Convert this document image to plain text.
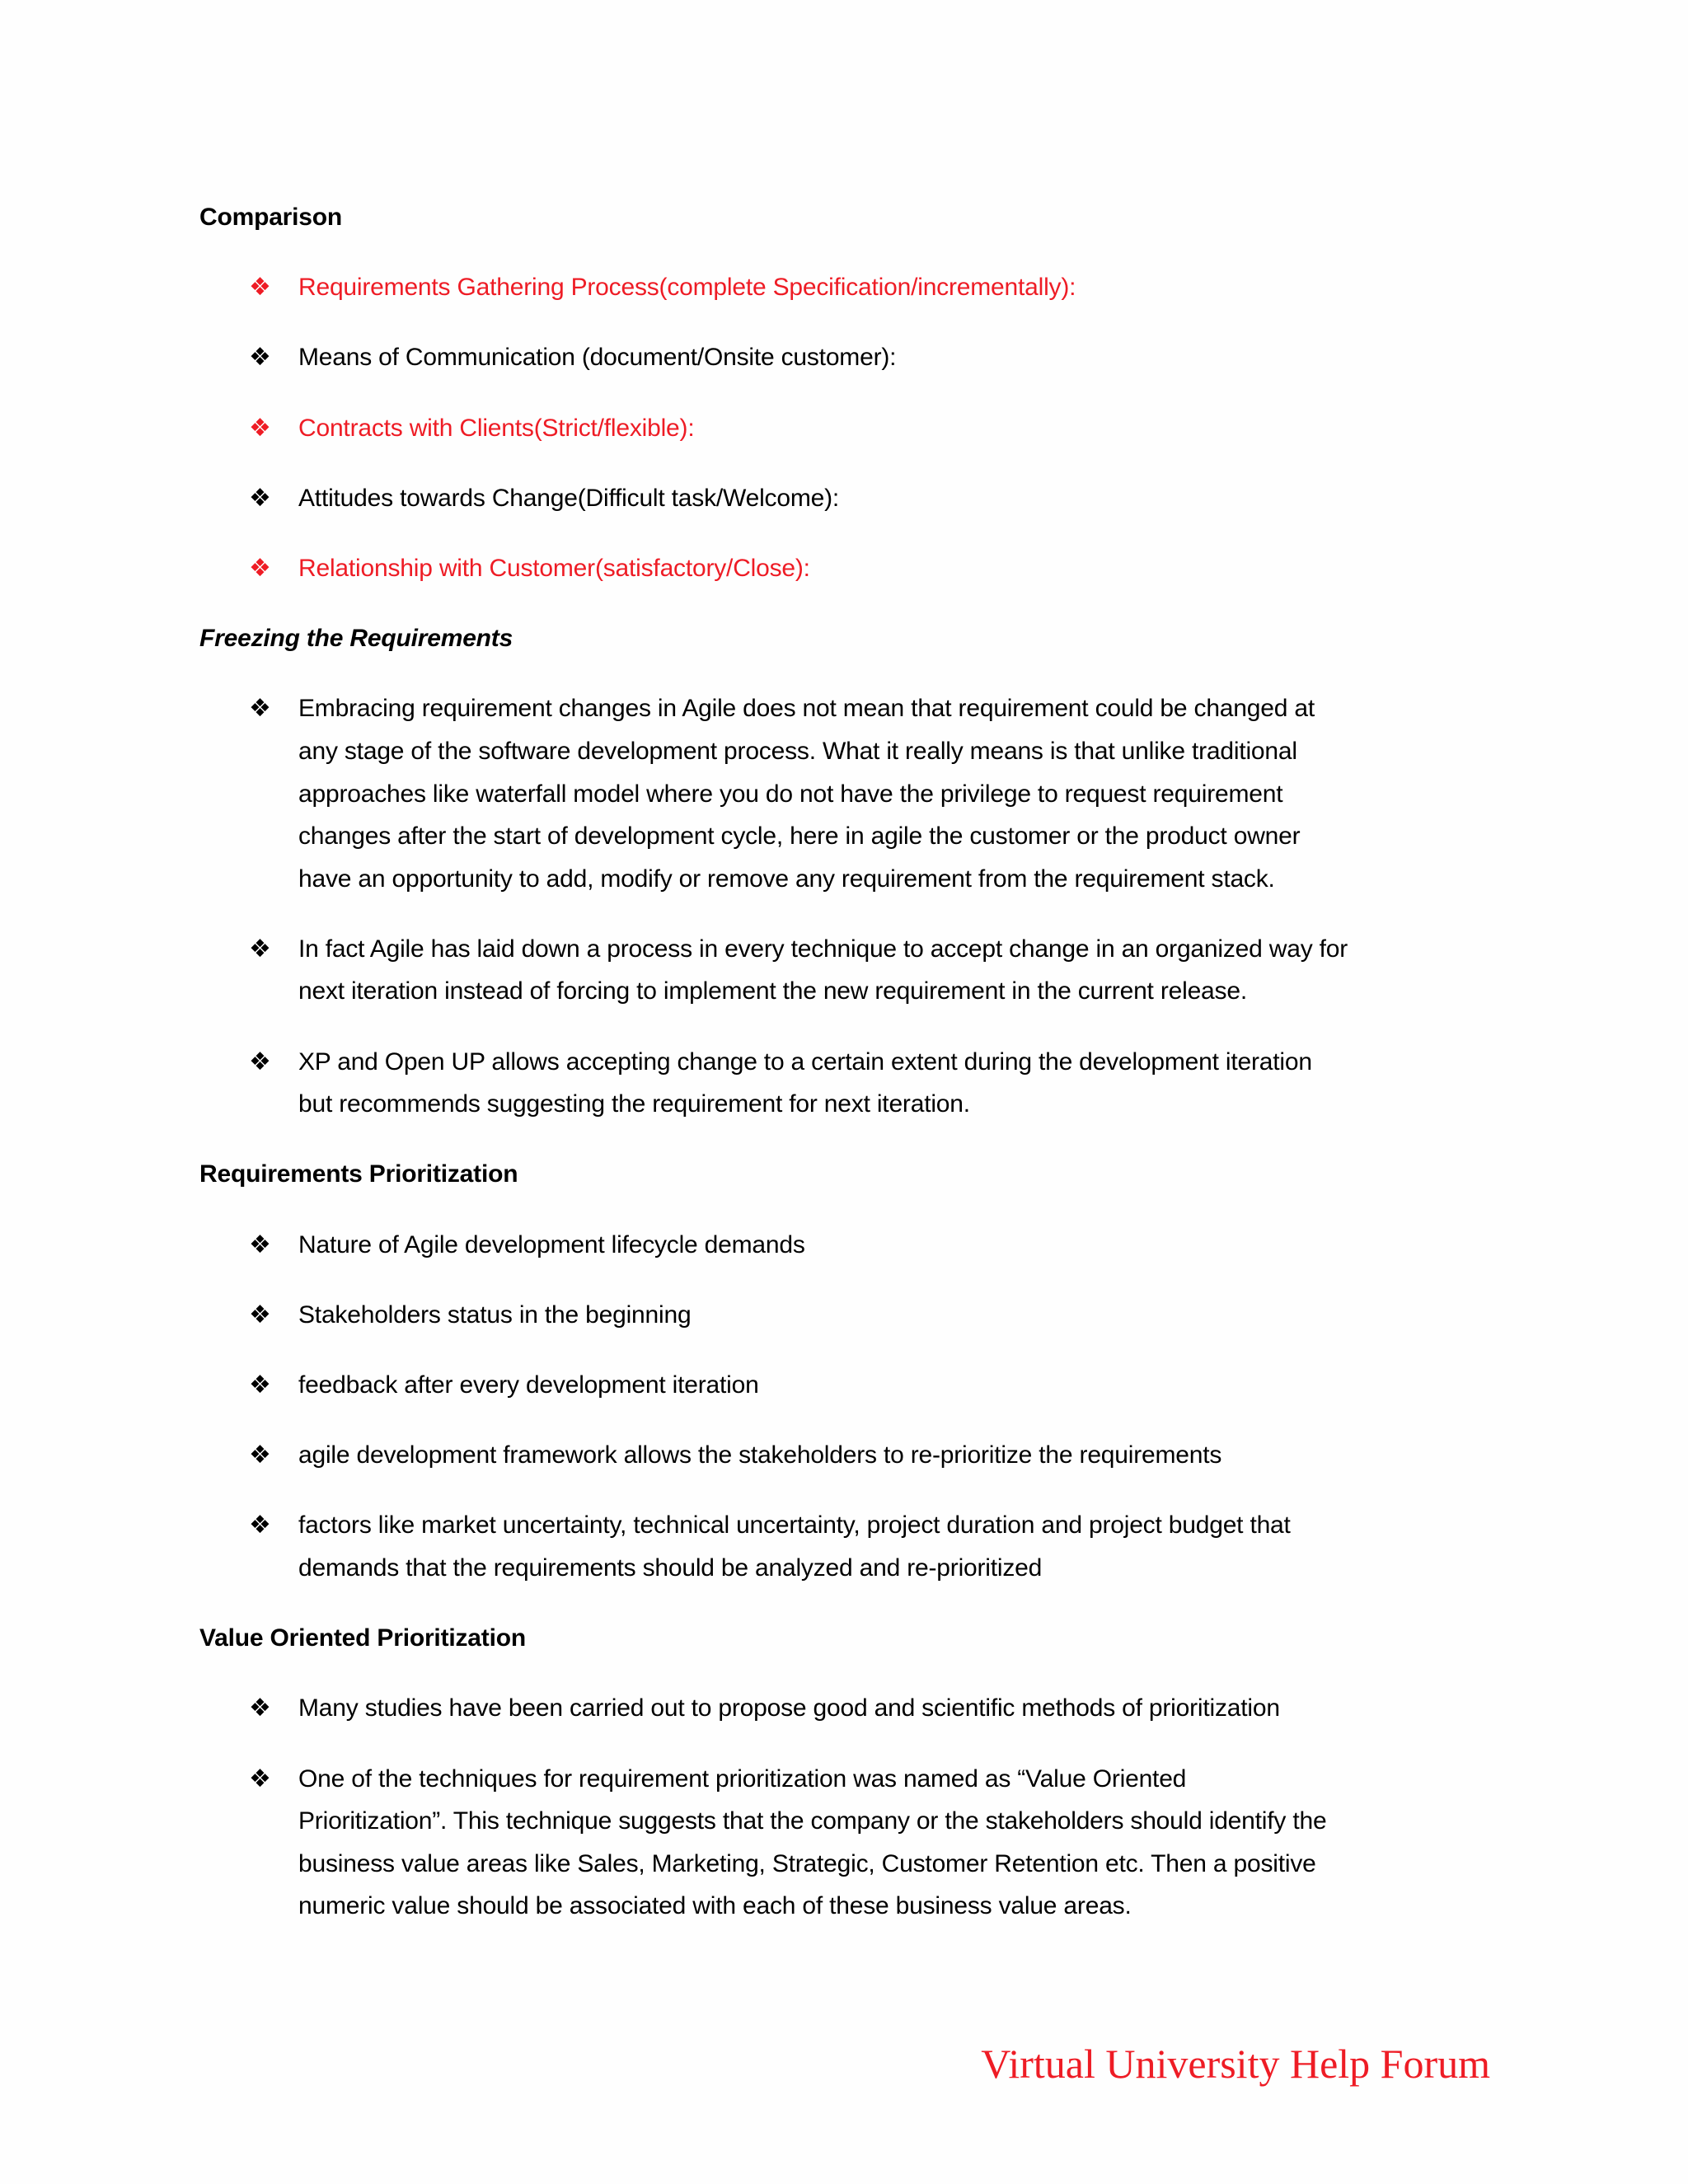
Comparison
❖ Requirements Gathering Process(complete Specification/incrementally):
❖ Means of Communication (document/Onsite customer):
❖ Contracts with Clients(Strict/flexible):
❖ Attitudes towards Change(Difficult task/Welcome):
❖ Relationship with Customer(satisfactory/Close):
Freezing the Requirements
❖ Embracing requirement changes in Agile does not mean that requirement could be changed at
any stage of the software development process. What it really means is that unlike traditional
approaches like waterfall model where you do not have the privilege to request requirement
changes after the start of development cycle, here in agile the customer or the product owner
have an opportunity to add, modify or remove any requirement from the requirement stack.
❖ In fact Agile has laid down a process in every technique to accept change in an organized way for
next iteration instead of forcing to implement the new requirement in the current release.
❖ XP and Open UP allows accepting change to a certain extent during the development iteration
but recommends suggesting the requirement for next iteration.
Requirements Prioritization
❖ Nature of Agile development lifecycle demands
❖ Stakeholders status in the beginning
❖ feedback after every development iteration
❖ agile development framework allows the stakeholders to re-prioritize the requirements
❖ factors like market uncertainty, technical uncertainty, project duration and project budget that
demands that the requirements should be analyzed and re-prioritized
Value Oriented Prioritization
❖ Many studies have been carried out to propose good and scientific methods of prioritization
❖ One of the techniques for requirement prioritization was named as “Value Oriented
Prioritization”. This technique suggests that the company or the stakeholders should identify the
business value areas like Sales, Marketing, Strategic, Customer Retention etc. Then a positive
numeric value should be associated with each of these business value areas.
Virtual University Help Forum
